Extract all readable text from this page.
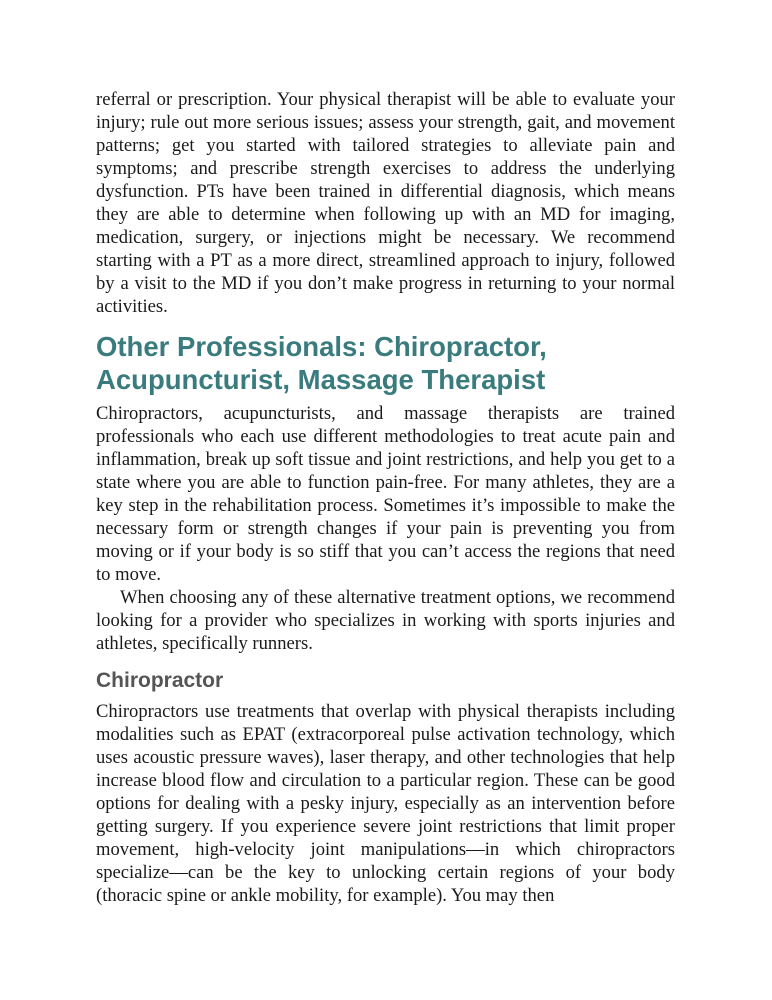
referral or prescription. Your physical therapist will be able to evaluate your injury; rule out more serious issues; assess your strength, gait, and movement patterns; get you started with tailored strategies to alleviate pain and symptoms; and prescribe strength exercises to address the underlying dysfunction. PTs have been trained in differential diagnosis, which means they are able to determine when following up with an MD for imaging, medication, surgery, or injections might be necessary. We recommend starting with a PT as a more direct, streamlined approach to injury, followed by a visit to the MD if you don’t make progress in returning to your normal activities.

Other Professionals: Chiropractor, Acupuncturist, Massage Therapist

Chiropractors, acupuncturists, and massage therapists are trained professionals who each use different methodologies to treat acute pain and inflammation, break up soft tissue and joint restrictions, and help you get to a state where you are able to function pain-free. For many athletes, they are a key step in the rehabilitation process. Sometimes it’s impossible to make the necessary form or strength changes if your pain is preventing you from moving or if your body is so stiff that you can’t access the regions that need to move.

When choosing any of these alternative treatment options, we recommend looking for a provider who specializes in working with sports injuries and athletes, specifically runners.

Chiropractor

Chiropractors use treatments that overlap with physical therapists including modalities such as EPAT (extracorporeal pulse activation technology, which uses acoustic pressure waves), laser therapy, and other technologies that help increase blood flow and circulation to a particular region. These can be good options for dealing with a pesky injury, especially as an intervention before getting surgery. If you experience severe joint restrictions that limit proper movement, high-velocity joint manipulations—in which chiropractors specialize—can be the key to unlocking certain regions of your body (thoracic spine or ankle mobility, for example). You may then
